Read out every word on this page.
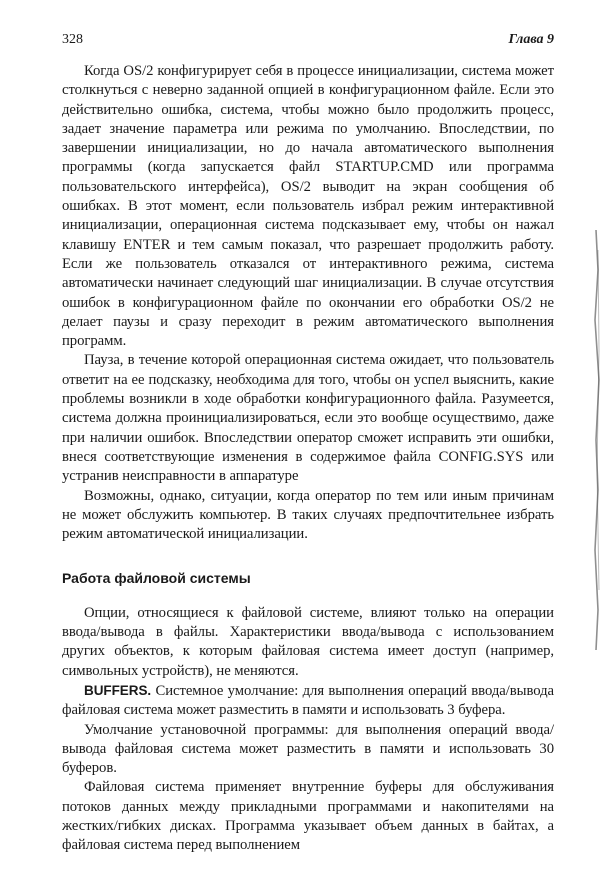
328	Глава 9

Когда OS/2 конфигурирует себя в процессе инициализации, система может столкнуться с неверно заданной опцией в конфигурационном файле. Если это действительно ошибка, система, чтобы можно было продолжить процесс, задает значение параметра или режима по умолчанию. Впоследствии, по завершении инициализации, но до начала автоматического выполнения программы (когда запускается файл STARTUP.CMD или программа пользовательского интерфейса), OS/2 выводит на экран сообщения об ошибках. В этот момент, если пользователь избрал режим интерактивной инициализации, операционная система подсказывает ему, чтобы он нажал клавишу ENTER и тем самым показал, что разрешает продолжить работу. Если же пользователь отказался от интерактивного режима, система автоматически начинает следующий шаг инициализации. В случае отсутствия ошибок в конфигурационном файле по окончании его обработки OS/2 не делает паузы и сразу переходит в режим автоматического выполнения программ.

Пауза, в течение которой операционная система ожидает, что пользователь ответит на ее подсказку, необходима для того, чтобы он успел выяснить, какие проблемы возникли в ходе обработки конфигурационного файла. Разумеется, система должна проинициализироваться, если это вообще осуществимо, даже при наличии ошибок. Впоследствии оператор сможет исправить эти ошибки, внеся соответствующие изменения в содержимое файла CONFIG.SYS или устранив неисправности в аппаратуре

Возможны, однако, ситуации, когда оператор по тем или иным причинам не может обслужить компьютер. В таких случаях предпочтительнее избрать режим автоматической инициализации.

Работа файловой системы

Опции, относящиеся к файловой системе, влияют только на операции ввода/вывода в файлы. Характеристики ввода/вывода с использованием других объектов, к которым файловая система имеет доступ (например, символьных устройств), не меняются.

BUFFERS. Системное умолчание: для выполнения операций ввода/вывода файловая система может разместить в памяти и использовать 3 буфера.

Умолчание установочной программы: для выполнения операций ввода/вывода файловая система может разместить в памяти и использовать 30 буферов.

Файловая система применяет внутренние буферы для обслуживания потоков данных между прикладными программами и накопителями на жестких/гибких дисках. Программа указывает объем данных в байтах, а файловая система перед выполнением
